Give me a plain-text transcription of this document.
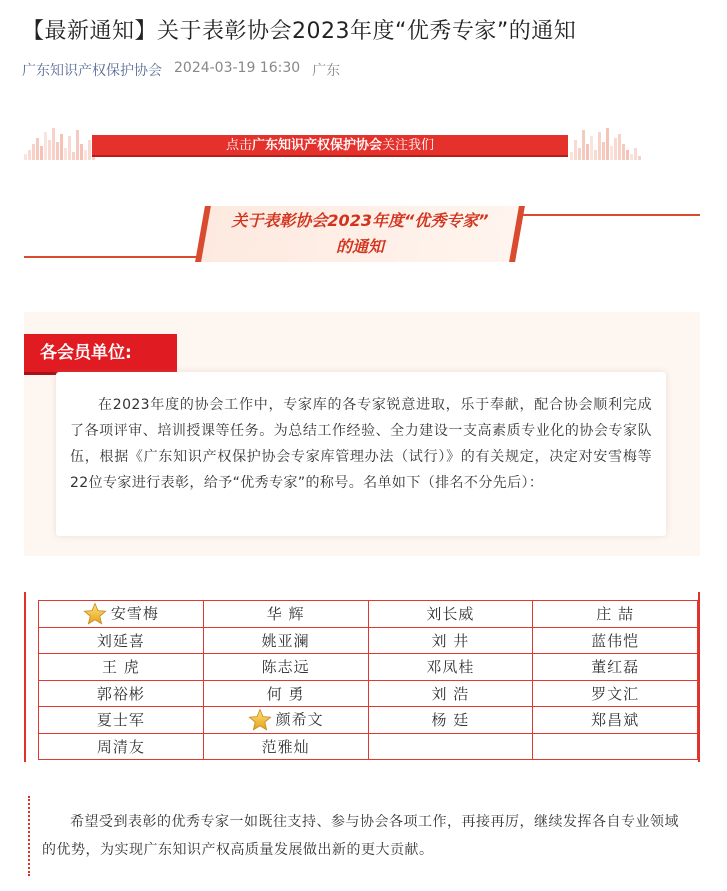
【最新通知】关于表彰协会2023年度“优秀专家”的通知
广东知识产权保护协会 2024-03-19 16:30 广东
点击广东知识产权保护协会关注我们
关于表彰协会2023年度“优秀专家”
的通知
各会员单位:
在2023年度的协会工作中，专家库的各专家锐意进取，乐于奉献，配合协会顺利完成了各项评审、培训授课等任务。为总结工作经验、全力建设一支高素质专业化的协会专家队伍，根据《广东知识产权保护协会专家库管理办法（试行）》的有关规定，决定对安雪梅等22位专家进行表彰，给予“优秀专家”的称号。名单如下（排名不分先后）：
安雪梅	华 辉	刘长威	庄 喆
刘延喜	姚亚澜	刘 井	蓝伟恺
王 虎	陈志远	邓凤桂	董红磊
郭裕彬	何 勇	刘 浩	罗文汇
夏士军	颜希文	杨 廷	郑昌斌
周清友	范雅灿		
希望受到表彰的优秀专家一如既往支持、参与协会各项工作，再接再厉，继续发挥各自专业领域的优势，为实现广东知识产权高质量发展做出新的更大贡献。
